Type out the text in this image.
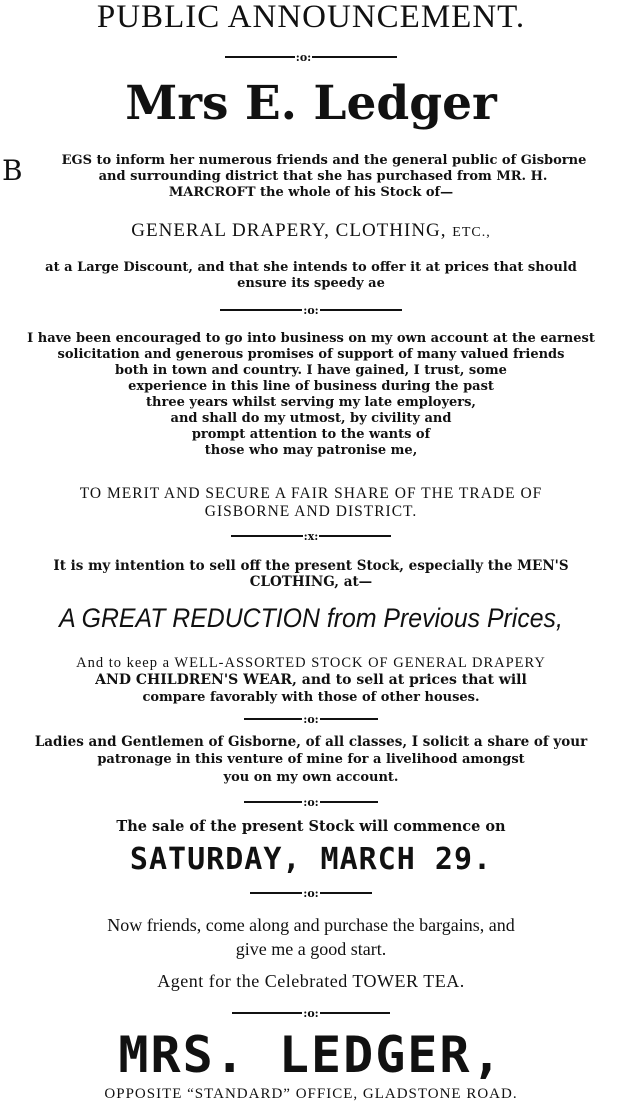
PUBLIC ANNOUNCEMENT.
:o:
Mrs E. Ledger
B	EGS to inform her numerous friends and the general public of Gisborne
and surrounding district that she has purchased from MR. H.
MARCROFT the whole of his Stock of—
GENERAL DRAPERY, CLOTHING, ETC.,
at a Large Discount, and that she intends to offer it at prices that should
ensure its speedy ae
:o:
I have been encouraged to go into business on my own account at the earnest
solicitation and generous promises of support of many valued friends
both in town and country. I have gained, I trust, some
experience in this line of business during the past
three years whilst serving my late employers,
and shall do my utmost, by civility and
prompt attention to the wants of
those who may patronise me,
TO MERIT AND SECURE A FAIR SHARE OF THE TRADE OF
GISBORNE AND DISTRICT.
:x:
It is my intention to sell off the present Stock, especially the MEN'S
CLOTHING, at—
A GREAT REDUCTION from Previous Prices,
And to keep a WELL-ASSORTED STOCK OF GENERAL DRAPERY
AND CHILDREN'S WEAR, and to sell at prices that will
compare favorably with those of other houses.
:o:
Ladies and Gentlemen of Gisborne, of all classes, I solicit a share of your
patronage in this venture of mine for a livelihood amongst
you on my own account.
:o:
The sale of the present Stock will commence on
SATURDAY, MARCH 29.
:o:
Now friends, come along and purchase the bargains, and
give me a good start.
Agent for the Celebrated TOWER TEA.
:o:
MRS. LEDGER,
OPPOSITE “STANDARD” OFFICE, GLADSTONE ROAD.
